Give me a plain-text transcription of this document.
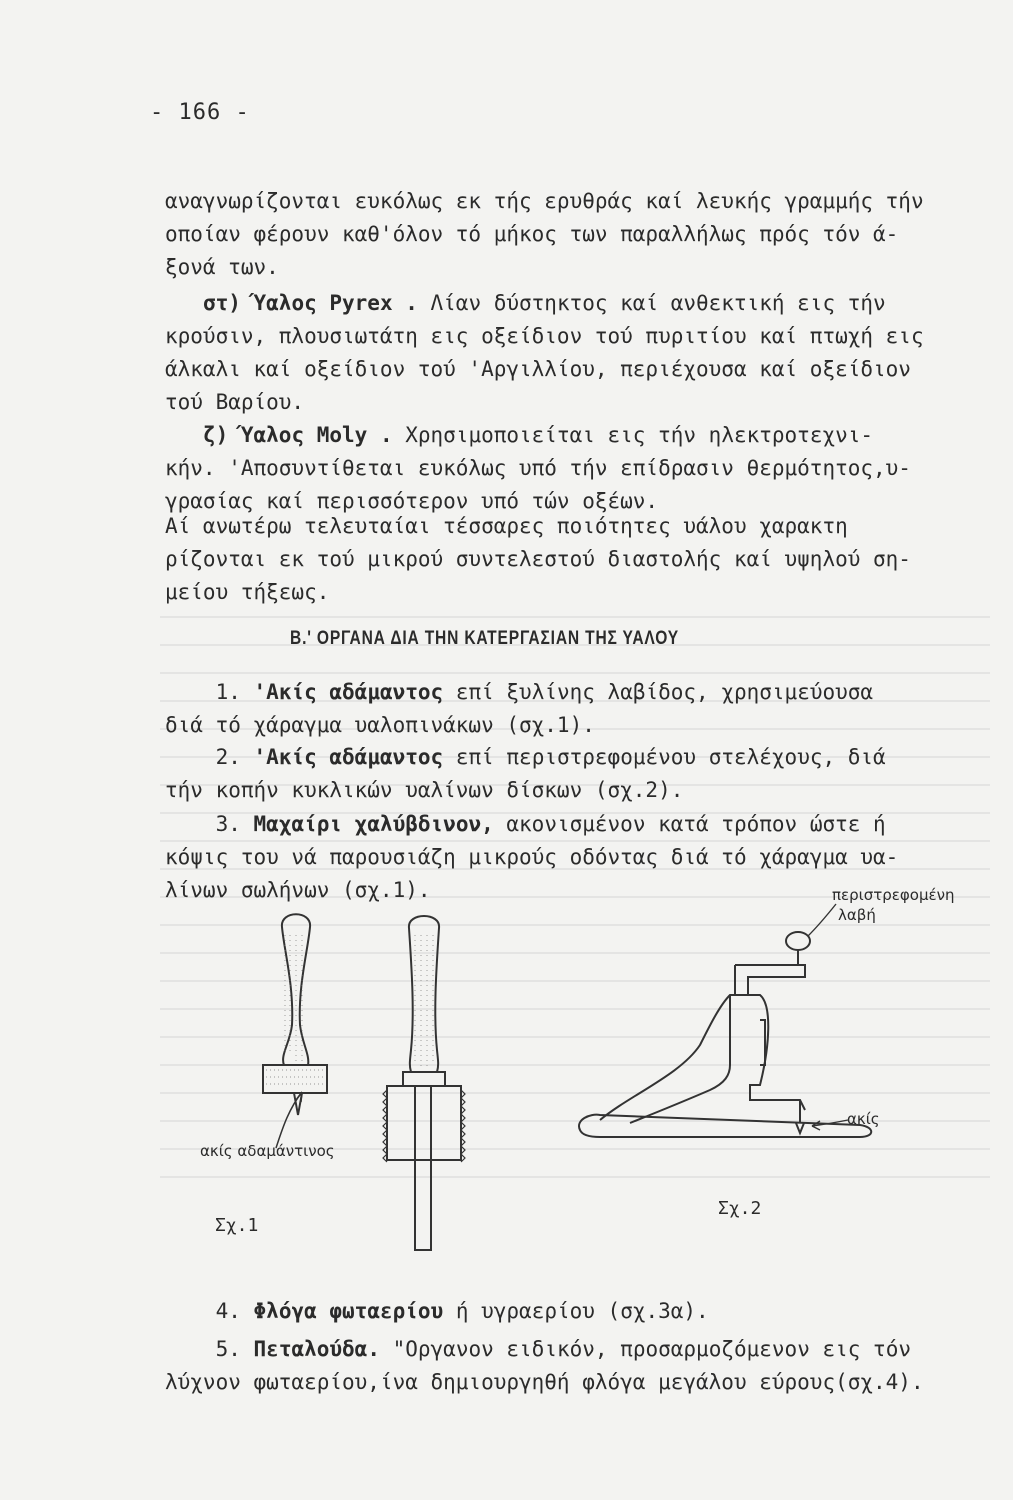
- 166 -
αναγνωρίζονται ευκόλως εκ τής ερυθράς καί λευκής γραμμής τήν
οποίαν φέρουν καθ'όλον τό μήκος των παραλλήλως πρός τόν ά-
ξονά των.
στ) Ύαλος Pyrex . Λίαν δύστηκτος καί ανθεκτική εις τήν
κρούσιν, πλουσιωτάτη εις οξείδιον τού πυριτίου καί πτωχή εις
άλκαλι καί οξείδιον τού 'Αργιλλίου, περιέχουσα καί οξείδιον
τού Βαρίου.
ζ) Ύαλος Moly . Χρησιμοποιείται εις τήν ηλεκτροτεχνι-
κήν. 'Αποσυντίθεται ευκόλως υπό τήν επίδρασιν θερμότητος,υ-
γρασίας καί περισσότερον υπό τών οξέων.
Αί ανωτέρω τελευταίαι τέσσαρες ποιότητες υάλου χαρακτη
ρίζονται εκ τού μικρού συντελεστού διαστολής καί υψηλού ση-
μείου τήξεως.
Β.' ΟΡΓΑΝΑ ΔΙΑ ΤΗΝ ΚΑΤΕΡΓΑΣΙΑΝ ΤΗΣ ΥΑΛΟΥ
1. 'Ακίς αδάμαντος επί ξυλίνης λαβίδος, χρησιμεύουσα
διά τό χάραγμα υαλοπινάκων (σχ.1).
2. 'Ακίς αδάμαντος επί περιστρεφομένου στελέχους, διά
τήν κοπήν κυκλικών υαλίνων δίσκων (σχ.2).
3. Μαχαίρι χαλύβδινον, ακονισμένον κατά τρόπον ώστε ή
κόψις του νά παρουσιάζη μικρούς οδόντας διά τό χάραγμα υα-
λίνων σωλήνων (σχ.1).
ακίς αδαμάντινος
Σχ.1
περιστρεφομένη
λαβή
ακίς
Σχ.2
4. Φλόγα φωταερίου ή υγραερίου (σχ.3α).
5. Πεταλούδα. "Οργανον ειδικόν, προσαρμοζόμενον εις τόν
λύχνον φωταερίου,ίνα δημιουργηθή φλόγα μεγάλου εύρους(σχ.4).
